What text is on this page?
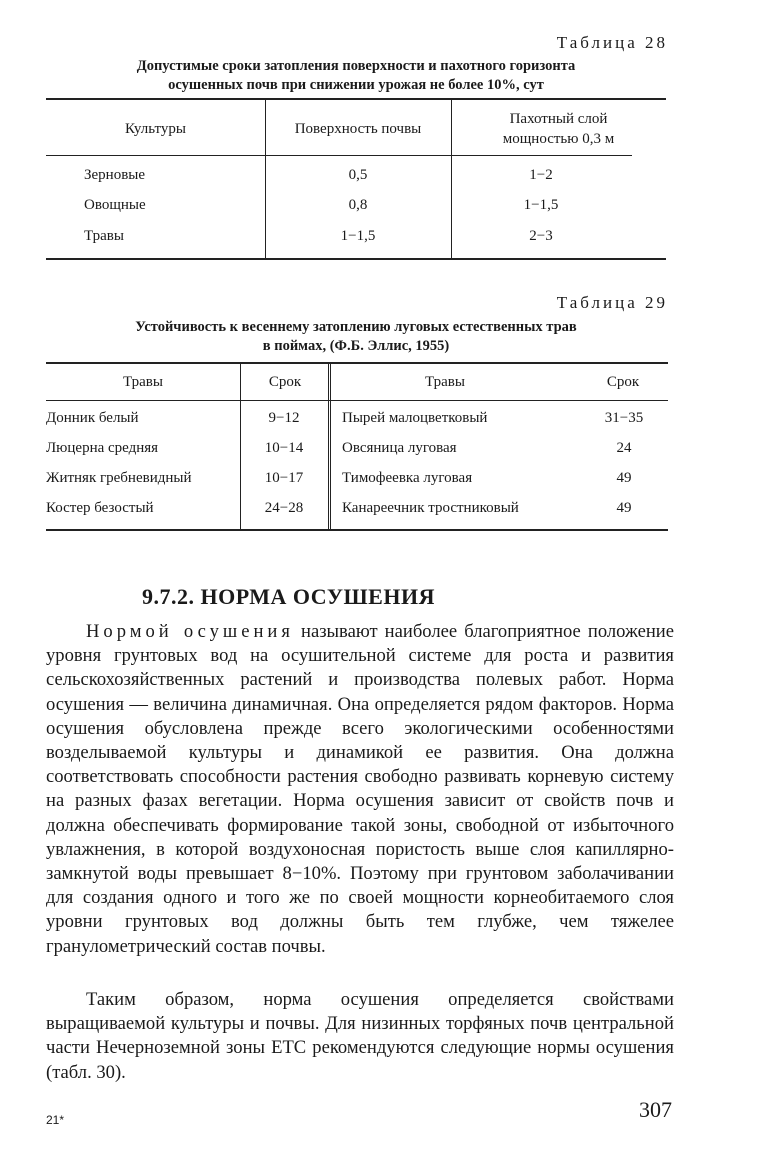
Таблица 28
Допустимые сроки затопления поверхности и пахотного горизонта
осушенных почв при снижении урожая не более 10%, сут
Культуры	Поверхность почвы
Пахотный слой
мощностью 0,3 м
Зерновые	0,5	1−2
Овощные	0,8	1−1,5
Травы	1−1,5	2−3
Таблица 29
Устойчивость к весеннему затоплению луговых естественных трав
в поймах, (Ф.Б. Эллис, 1955)
Травы	Срок	Травы	Срок
Донник белый	9−12	Пырей малоцветковый	31−35
Люцерна средняя	10−14	Овсяница луговая	24
Житняк гребневидный	10−17	Тимофеевка луговая	49
Костер безостый	24−28	Канареечник тростниковый	49
9.7.2. НОРМА ОСУШЕНИЯ

Нормой осушения называют наиболее благоприятное положение уровня грунтовых вод на осушительной системе для роста и развития сельскохозяйственных растений и производства полевых работ. Норма осушения — величина динамичная. Она определяется рядом факторов. Норма осушения обусловлена прежде всего экологическими особенностями возделываемой культуры и динамикой ее развития. Она должна соответствовать способности растения свободно развивать корневую систему на разных фазах вегетации. Норма осушения зависит от свойств почв и должна обеспечивать формирование такой зоны, свободной от избыточного увлажнения, в которой воздухоносная пористость выше слоя капиллярно-замкнутой воды превышает 8−10%. Поэтому при грунтовом заболачивании для создания одного и того же по своей мощности корнеобитаемого слоя уровни грунтовых вод должны быть тем глубже, чем тяжелее гранулометрический состав почвы.

Таким образом, норма осушения определяется свойствами выращиваемой культуры и почвы. Для низинных торфяных почв центральной части Нечерноземной зоны ЕТС рекомендуются следующие нормы осушения (табл. 30).

21*	307
